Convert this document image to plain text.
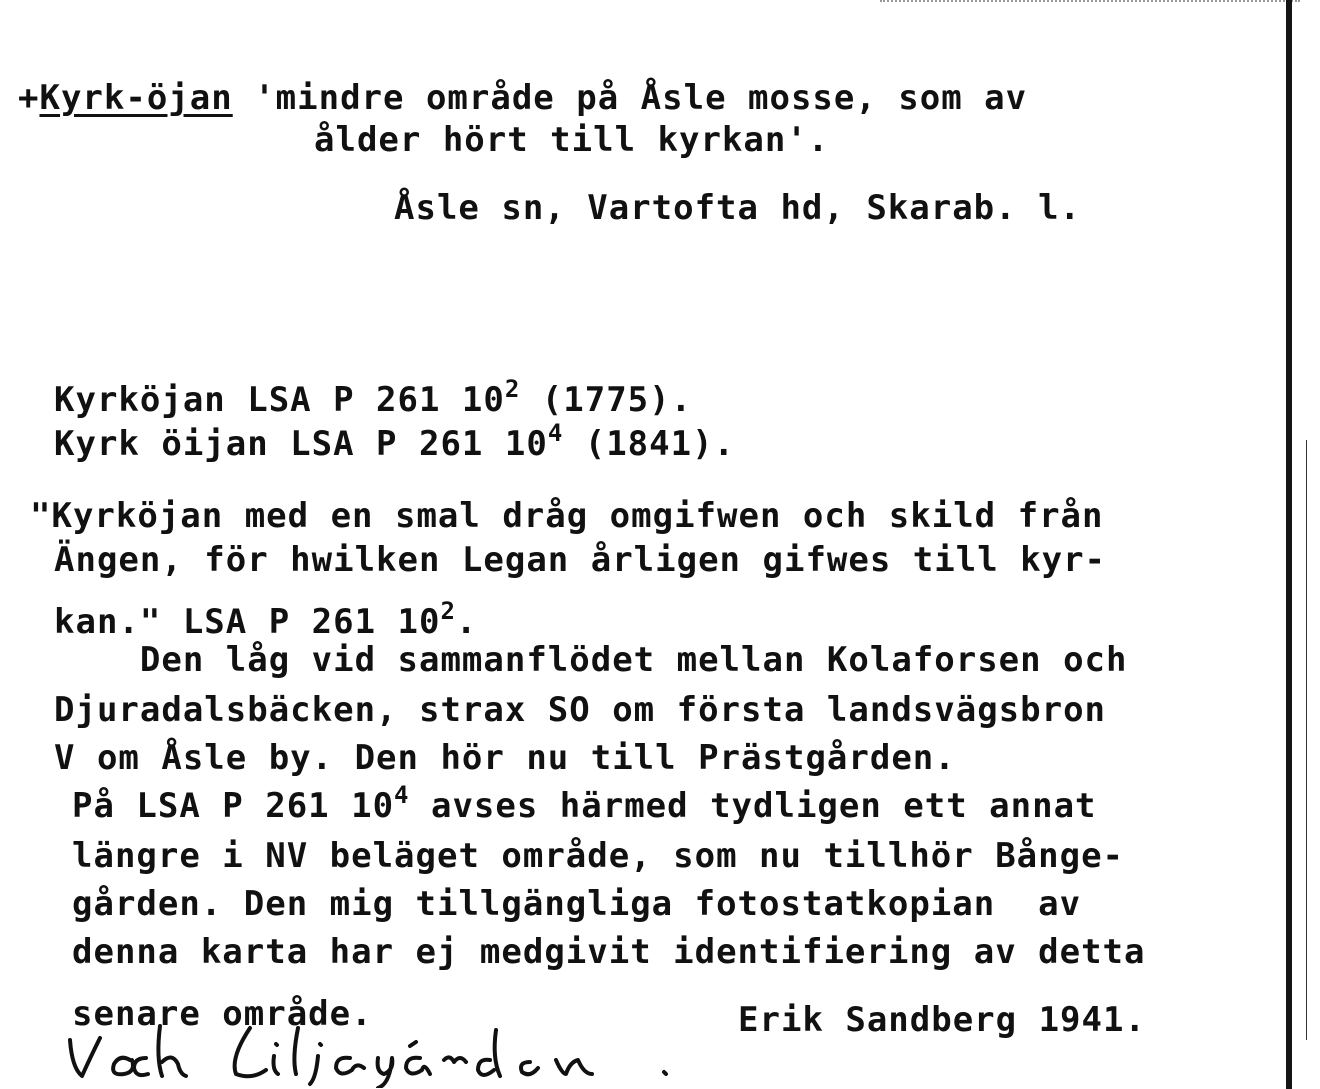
+Kyrk-öjan 'mindre område på Åsle mosse, som av
ålder hört till kyrkan'.
Åsle sn, Vartofta hd, Skarab. l.
Kyrköjan LSA P 261 $10^2$ (1775).
Kyrk öijan LSA P 261 $10^4$ (1841).
"Kyrköjan med en smal dråg omgifwen och skild från
Ängen, för hwilken Legan årligen gifwes till kyr-
kan." LSA P 261 $10^2$.
Den låg vid sammanflödet mellan Kolaforsen och
Djuradalsbäcken, strax SO om första landsvägsbron
V om Åsle by. Den hör nu till Prästgården.
På LSA P 261 $10^4$ avses härmed tydligen ett annat
längre i NV beläget område, som nu tillhör Bånge-
gården. Den mig tillgängliga fotostatkopian  av
denna karta har ej medgivit identifiering av detta
senare område.	Erik Sandberg 1941.
